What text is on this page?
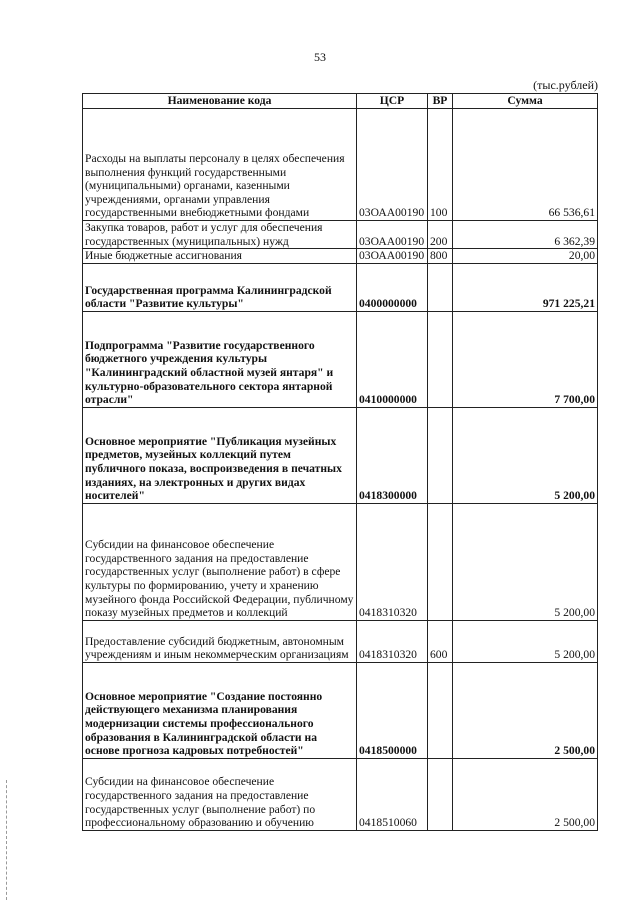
53
(тыс.рублей)
Наименование кода	ЦСР	ВР	Сумма
Расходы на выплаты персоналу в целях обеспечения выполнения функций государственными (муниципальными) органами, казенными учреждениями, органами управления государственными внебюджетными фондами	03ОАА00190	100	66 536,61
Закупка товаров, работ и услуг для обеспечения государственных (муниципальных) нужд	03ОАА00190	200	6 362,39
Иные бюджетные ассигнования	03ОАА00190	800	20,00
Государственная программа Калининградской области "Развитие культуры"	0400000000		971 225,21
Подпрограмма "Развитие государственного бюджетного учреждения культуры "Калининградский областной музей янтаря" и культурно-образовательного сектора янтарной отрасли"	0410000000		7 700,00
Основное мероприятие "Публикация музейных предметов, музейных коллекций путем публичного показа, воспроизведения в печатных изданиях, на электронных и других видах носителей"	0418300000		5 200,00
Субсидии на финансовое обеспечение государственного задания на предоставление государственных услуг (выполнение работ) в сфере культуры по формированию, учету и хранению музейного фонда Российской Федерации, публичному показу музейных предметов и коллекций	0418310320		5 200,00
Предоставление субсидий бюджетным, автономным учреждениям и иным некоммерческим организациям	0418310320	600	5 200,00
Основное мероприятие "Создание постоянно действующего механизма планирования модернизации системы профессионального образования в Калининградской области на основе прогноза кадровых потребностей"	0418500000		2 500,00
Субсидии на финансовое обеспечение государственного задания на предоставление государственных услуг (выполнение работ) по профессиональному образованию и обучению	0418510060		2 500,00
